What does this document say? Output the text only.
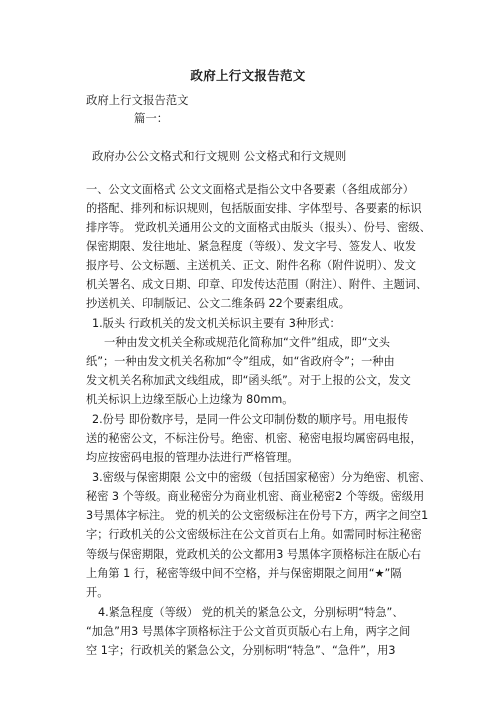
政府上行文报告范文
政府上行文报告范文
篇一：
政府办公公文格式和行文规则 公文格式和行文规则
一、公文文面格式 公文文面格式是指公文中各要素（各组成部分）
的搭配、排列和标识规则，包括版面安排、字体型号、各要素的标识
排序等。 党政机关通用公文的文面格式由版头（报头）、份号、密级、
保密期限、发往地址、紧急程度（等级）、发文字号、签发人、收发
报序号、公文标题、主送机关、正文、附件名称（附件说明）、发文
机关署名、成文日期、印章、印发传达范围（附注）、附件、主题词、
抄送机关、印制版记、公文二维条码 22个要素组成。
1.版头 行政机关的发文机关标识主要有 3种形式：
一种由发文机关全称或规范化简称加“文件”组成，即“文头
纸”；一种由发文机关名称加“令”组成，如“省政府令”；一种由
发文机关名称加武文线组成，即“函头纸”。对于上报的公文，发文
机关标识上边缘至版心上边缘为 80mm。
2.份号 即份数序号，是同一件公文印制份数的顺序号。用电报传
送的秘密公文，不标注份号。绝密、机密、秘密电报均属密码电报，
均应按密码电报的管理办法进行严格管理。
3.密级与保密期限 公文中的密级（包括国家秘密）分为绝密、机密、
秘密 3 个等级。商业秘密分为商业机密、商业秘密2 个等级。密级用
3号黑体字标注。 党的机关的公文密级标注在份号下方，两字之间空1
字；行政机关的公文密级标注在公文首页右上角。如需同时标注秘密
等级与保密期限，党政机关的公文都用3 号黑体字顶格标注在版心右
上角第 1 行，秘密等级中间不空格，并与保密期限之间用“★”隔
开。
4.紧急程度（等级） 党的机关的紧急公文，分别标明“特急”、
“加急”用3 号黑体字顶格标注于公文首页页版心右上角，两字之间
空 1字；行政机关的紧急公文，分别标明“特急”、“急件”，用3
